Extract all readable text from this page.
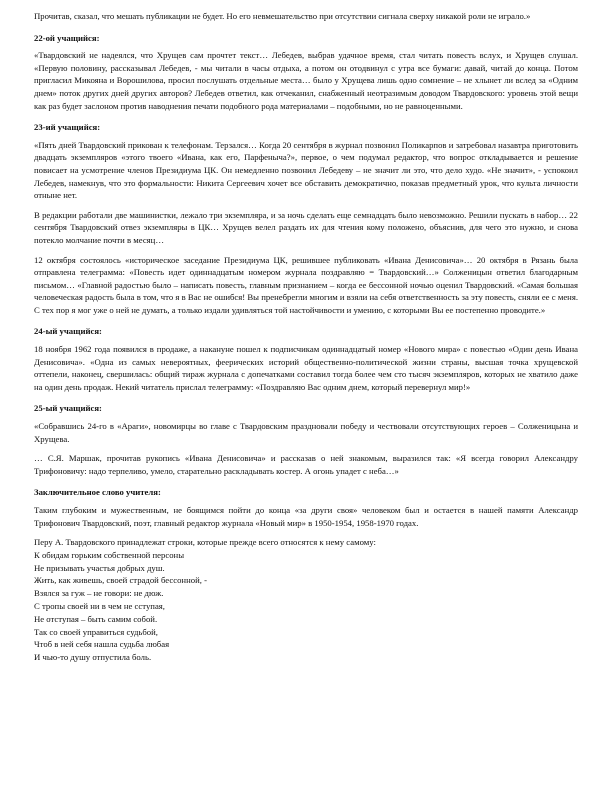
Прочитав, сказал, что мешать публикации не будет. Но его невмешательство при отсутствии сигнала сверху никакой роли не играло.»

22-ой учащийся:

«Твардовский не надеялся, что Хрущев сам прочтет текст… Лебедев, выбрав удачное время, стал читать повесть вслух, и Хрущев слушал. «Первую половину, рассказывал Лебедев, - мы читали в часы отдыха, а потом он отодвинул с утра все бумаги: давай, читай до конца. Потом пригласил Микояна и Ворошилова, просил послушать отдельные места… было у Хрущева лишь одно сомнение – не хлынет ли вслед за «Одним днем» поток других дней других авторов? Лебедев ответил, как отчеканил, снабженный неотразимым доводом Твардовского: уровень этой вещи как раз будет заслоном против наводнения печати подобного рода материалами – подобными, но не равноценными.

23-ий учащийся:

«Пять дней Твардовский прикован к телефонам. Терзался… Когда 20 сентября в журнал позвонил Поликарпов и затребовал назавтра приготовить двадцать экземпляров «этого твоего «Ивана, как его, Парфеныча?», первое, о чем подумал редактор, что вопрос откладывается и решение повисает на усмотрение членов Президиума ЦК. Он немедленно позвонил Лебедеву – не значит ли это, что дело худо. «Не значит», - успокоил Лебедев, намекнув, что это формальности: Никита Сергеевич хочет все обставить демократично, показав предметный урок, что культа личности отныне нет.

В редакции работали две машинистки, лежало три экземпляра, и за ночь сделать еще семнадцать было невозможно. Решили пускать в набор… 22 сентября Твардовский отвез экземпляры в ЦК… Хрущев велел раздать их для чтения кому положено, объяснив, для чего это нужно, и снова потекло молчание почти в месяц…

12 октября состоялось «историческое заседание Президиума ЦК, решившее публиковать «Ивана Денисовича»… 20 октября в Рязань была отправлена телеграмма: «Повесть идет одиннадцатым номером журнала поздравляю = Твардовский…» Солженицын ответил благодарным письмом… «Главной радостью было – написать повесть, главным признанием – когда ее бессонной ночью оценил Твардовский. «Самая большая человеческая радость была в том, что я в Вас не ошибся! Вы пренебрегли многим и взяли на себя ответственность за эту повесть, сняли ее с меня. С тех пор я мог уже о ней не думать, а только издали удивляться той настойчивости и умению, с которыми Вы ее постепенно проводите.»

24-ый учащийся:

18 ноября 1962 года появился в продаже, а накануне пошел к подписчикам одиннадцатый номер «Нового мира» с повестью «Один день Ивана Денисовича». «Одна из самых невероятных, феерических историй общественно-политической жизни страны, высшая точка хрущевской оттепели, наконец, свершилась: общий тираж журнала с допечатками составил тогда более чем сто тысяч экземпляров, которых не хватило даже на один день продаж. Некий читатель прислал телеграмму: «Поздравляю Вас одним днем, который перевернул мир!»

25-ый учащийся:

«Собравшись 24-го в «Араги», новомирцы во главе с Твардовским праздновали победу и чествовали отсутствующих героев – Солженицына и Хрущева.

… С.Я. Маршак, прочитав рукопись «Ивана Денисовича» и рассказав о ней знакомым, выразился так: «Я всегда говорил Александру Трифоновичу: надо терпеливо, умело, старательно раскладывать костер. А огонь упадет с неба…»

Заключительное слово учителя:

Таким глубоким и мужественным, не боящимся пойти до конца «за други своя» человеком был и остается в нашей памяти Александр Трифонович Твардовский, поэт, главный редактор журнала «Новый мир» в 1950-1954, 1958-1970 годах.

Перу А. Твардовского принадлежат строки, которые прежде всего относятся к нему самому:

К обидам горьким собственной персоны
Не призывать участья добрых душ.
Жить, как живешь, своей страдой бессонной, -
Взялся за гуж – не говори: не дюж.
С тропы своей ни в чем не сступая,
Не отступая – быть самим собой.
Так со своей управиться судьбой,
Чтоб в ней себя нашла судьба любая
И чью-то душу отпустила боль.
